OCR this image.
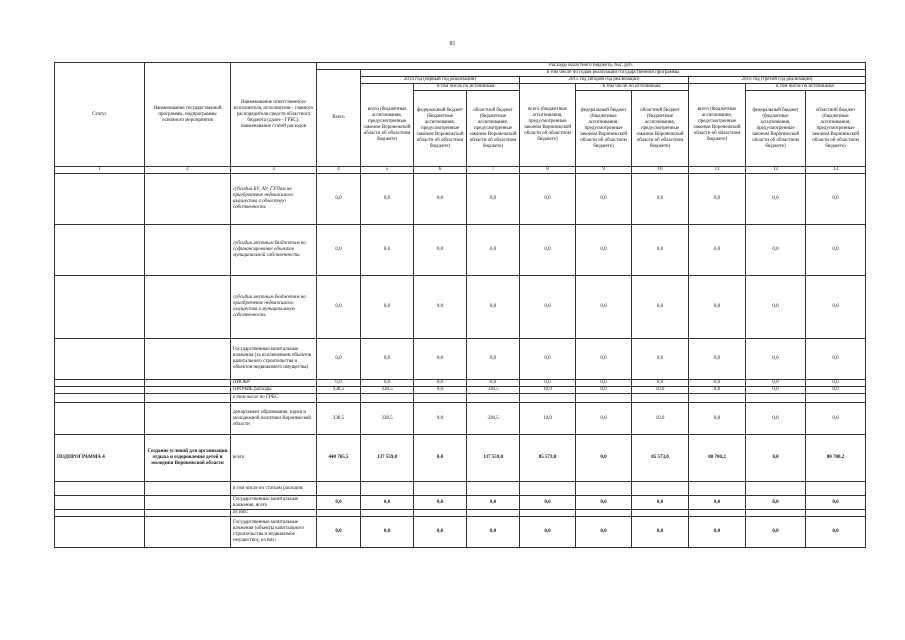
81
Статус	Наименование государственной программы, подпрограммы основного мероприятия	Наименование ответственного исполнителя, исполнителя - главного распорядителя средств областного бюджета (далее - ГРБС), наименование статей расходов	Расходы областного бюджета, тыс. руб.									
			Всего	в том числе по годам реализации государственной программы								
				2014 год (первый год реализации)			2015 год (второй год реализации)			2016 год (третий год реализации)		
				всего (бюджетные ассигнования, предусмотренные законом Воронежской области об областном бюджете)	в том числе по источникам:		всего (бюджетные ассигнования, предусмотренные законом Воронежской области об областном бюджете)	в том числе по источникам:		всего (бюджетные ассигнования, предусмотренные законом Воронежской области об областном бюджете)	в том числе по источникам:	
					федеральный бюджет (бюджетные ассигнования, предусмотренные законом Воронежской области об областном бюджете)	областной бюджет (бюджетные ассигнования, предусмотренные законом Воронежской области об областном бюджете)		федеральный бюджет (бюджетные ассигнования, предусмотренные законом Воронежской области об областном бюджете)	областной бюджет (бюджетные ассигнования, предусмотренные законом Воронежской области об областном бюджете)		федеральный бюджет (бюджетные ассигнования, предусмотренные законом Воронежской области об областном бюджете)	областной бюджет (бюджетные ассигнования, предусмотренные законом Воронежской области об областном бюджете)
1	2	3	4	5	6	7	8	9	10	11	12	13
		субсидии БУ, АУ, ГУПам на приобретение недвижимого имущества в областную собственность	0,0	0,0	0,0	0,0	0,0	0,0	0,0	0,0	0,0	0,0
		субсидии местным бюджетам на софинансирование объектов муниципальной собственности	0,0	0,0	0,0	0,0	0,0	0,0	0,0	0,0	0,0	0,0
		субсидии местным бюджетам на приобретение недвижимого имущества в муниципальную собственность	0,0	0,0	0,0	0,0	0,0	0,0	0,0	0,0	0,0	0,0
		Государственные капитальные вложения (за исключением объектов капитального строительства и объектов недвижимого имущества)	0,0	0,0	0,0	0,0	0,0	0,0	0,0	0,0	0,0	0,0
		НИОКР	0,0	0,0	0,0	0,0	0,0	0,0	0,0	0,0	0,0	0,0
		ПРОЧИЕ расходы	338,5	338,5	0,0	338,5	10,0	0,0	10,0	0,0	0,0	0,0
		в том числе по ГРБС:										
		департамент образования, науки и молодежной политики Воронежской области	338,5	338,5	0,0	338,5	10,0	0,0	10,0	0,0	0,0	0,0
ПОДПРОГРАММА 4	Создание условий для организации отдыха и оздоровления детей и молодежи Воронежской области	всего	440 765,5	137 559,8	0,0	137 559,8	85 573,0	0,0	85 573,0	80 700,2	0,0	80 700,2
		в том числе по статьям расходов:										
		Государственные капитальные вложения, всего	0,0	0,0	0,0	0,0	0,0	0,0	0,0	0,0	0,0	0,0
		из них:										
		Государственные капитальные вложения (объекты капитального строительства и недвижимое имущество), из них:	0,0	0,0	0,0	0,0	0,0	0,0	0,0	0,0	0,0	0,0
